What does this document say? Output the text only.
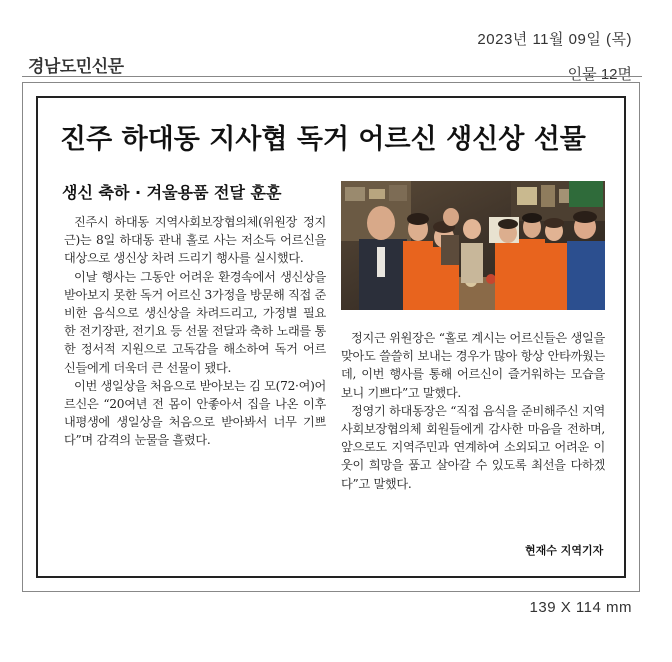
2023년 11월 09일 (목)
경남도민신문	인물 12면
진주 하대동 지사협 독거 어르신 생신상 선물
생신 축하 · 겨울용품 전달 훈훈

진주시 하대동 지역사회보장협의체(위원장 정지근)는 8일 하대동 관내 홀로 사는 저소득 어르신을 대상으로 생신상 차려 드리기 행사를 실시했다.

이날 행사는 그동안 어려운 환경속에서 생신상을 받아보지 못한 독거 어르신 3가정을 방문해 직접 준비한 음식으로 생신상을 차려드리고, 가정별 필요한 전기장판, 전기요 등 선물 전달과 축하 노래를 통한 정서적 지원으로 고독감을 해소하여 독거 어르신들에게 더욱더 큰 선물이 됐다.

이번 생일상을 처음으로 받아보는 김 모(72·여)어르신은 “20여년 전 몸이 안좋아서 집을 나온 이후 내평생에 생일상을 처음으로 받아봐서 너무 기쁘다”며 감격의 눈물을 흘렸다.

정지근 위원장은 “홀로 계시는 어르신들은 생일을 맞아도 쓸쓸히 보내는 경우가 많아 항상 안타까웠는데, 이번 행사를 통해 어르신이 즐거워하는 모습을 보니 기쁘다”고 말했다.

정영기 하대동장은 “직접 음식을 준비해주신 지역사회보장협의체 회원들에게 감사한 마음을 전하며, 앞으로도 지역주민과 연계하여 소외되고 어려운 이웃이 희망을 품고 살아갈 수 있도록 최선을 다하겠다”고 말했다.

현재수 지역기자
139 X 114 mm
